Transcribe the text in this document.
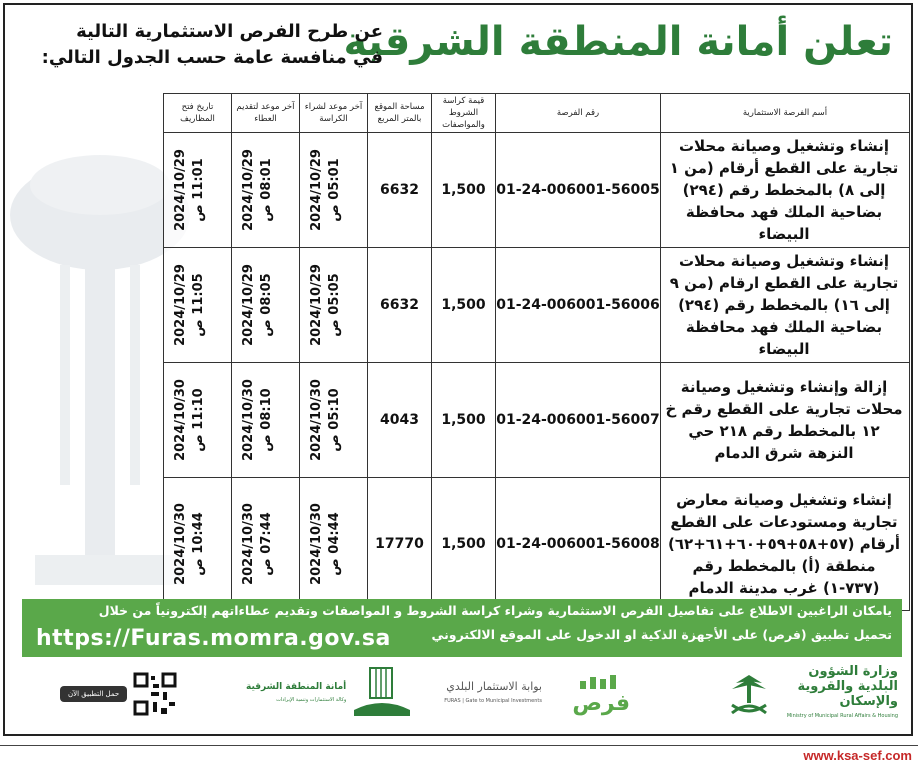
تعلن أمانة المنطقة الشرقية
عن طرح الفرص الاستثمارية التالية
في منافسة عامة حسب الجدول التالي:
أسم الفرصة الاستثمارية	رقم الفرصة	قيمة كراسة الشروط والمواصفات	مساحة الموقع بالمتر المربع	آخر موعد لشراء الكراسة	آخر موعد لتقديم العطاء	تاريخ فتح المظاريف
إنشاء وتشغيل وصيانة محلات تجارية على القطع أرقام (من ١ إلى ٨) بالمخطط رقم (٢٩٤) بضاحية الملك فهد محافظة البيضاء	01-24-006001-56005	1,500	6632	2024/10/29 05:01 ص	2024/10/29 08:01 ص	2024/10/29 11:01 ص

إنشاء وتشغيل وصيانة محلات تجارية على القطع ارقام (من ٩ إلى ١٦) بالمخطط رقم (٢٩٤) بضاحية الملك فهد محافظة البيضاء	01-24-006001-56006	1,500	6632	2024/10/29 05:05 ص	2024/10/29 08:05 ص	2024/10/29 11:05 ص

إزالة وإنشاء وتشغيل وصيانة محلات تجارية على القطع رقم خ ١٢ بالمخطط رقم ٢١٨ حي النزهة شرق الدمام	01-24-006001-56007	1,500	4043	2024/10/30 05:10 ص	2024/10/30 08:10 ص	2024/10/30 11:10 ص

إنشاء وتشغيل وصيانة معارض تجارية ومستودعات على القطع أرقام (٥٧+٥٨+٥٩+٦٠+٦١+٦٢) منطقة (أ) بالمخطط رقم (٧٣٧-١) غرب مدينة الدمام	01-24-006001-56008	1,500	17770	2024/10/30 04:44 ص	2024/10/30 07:44 ص	2024/10/30 10:44 ص
يامكان الراغبين الاطلاع على تفاصيل الفرص الاستثمارية وشراء كراسة الشروط و المواصفات وتقديم عطاءاتهم إلكترونياً من خلال
تحميل تطبيق (فرص) على الأجهزة الذكية او الدخول على الموقع الالكتروني
https://Furas.momra.gov.sa
وزارة الشؤون البلدية والقروية والإسكان
Ministry of Municipal Rural Affairs & Housing
فرص
بوابة الاستثمار البلدي
FURAS | Gate to Municipal Investments
أمانة المنطقة الشرقية
وكالة الاستثمارات وتنمية الإيرادات
حمل التطبيق الآن
www.ksa-sef.com
